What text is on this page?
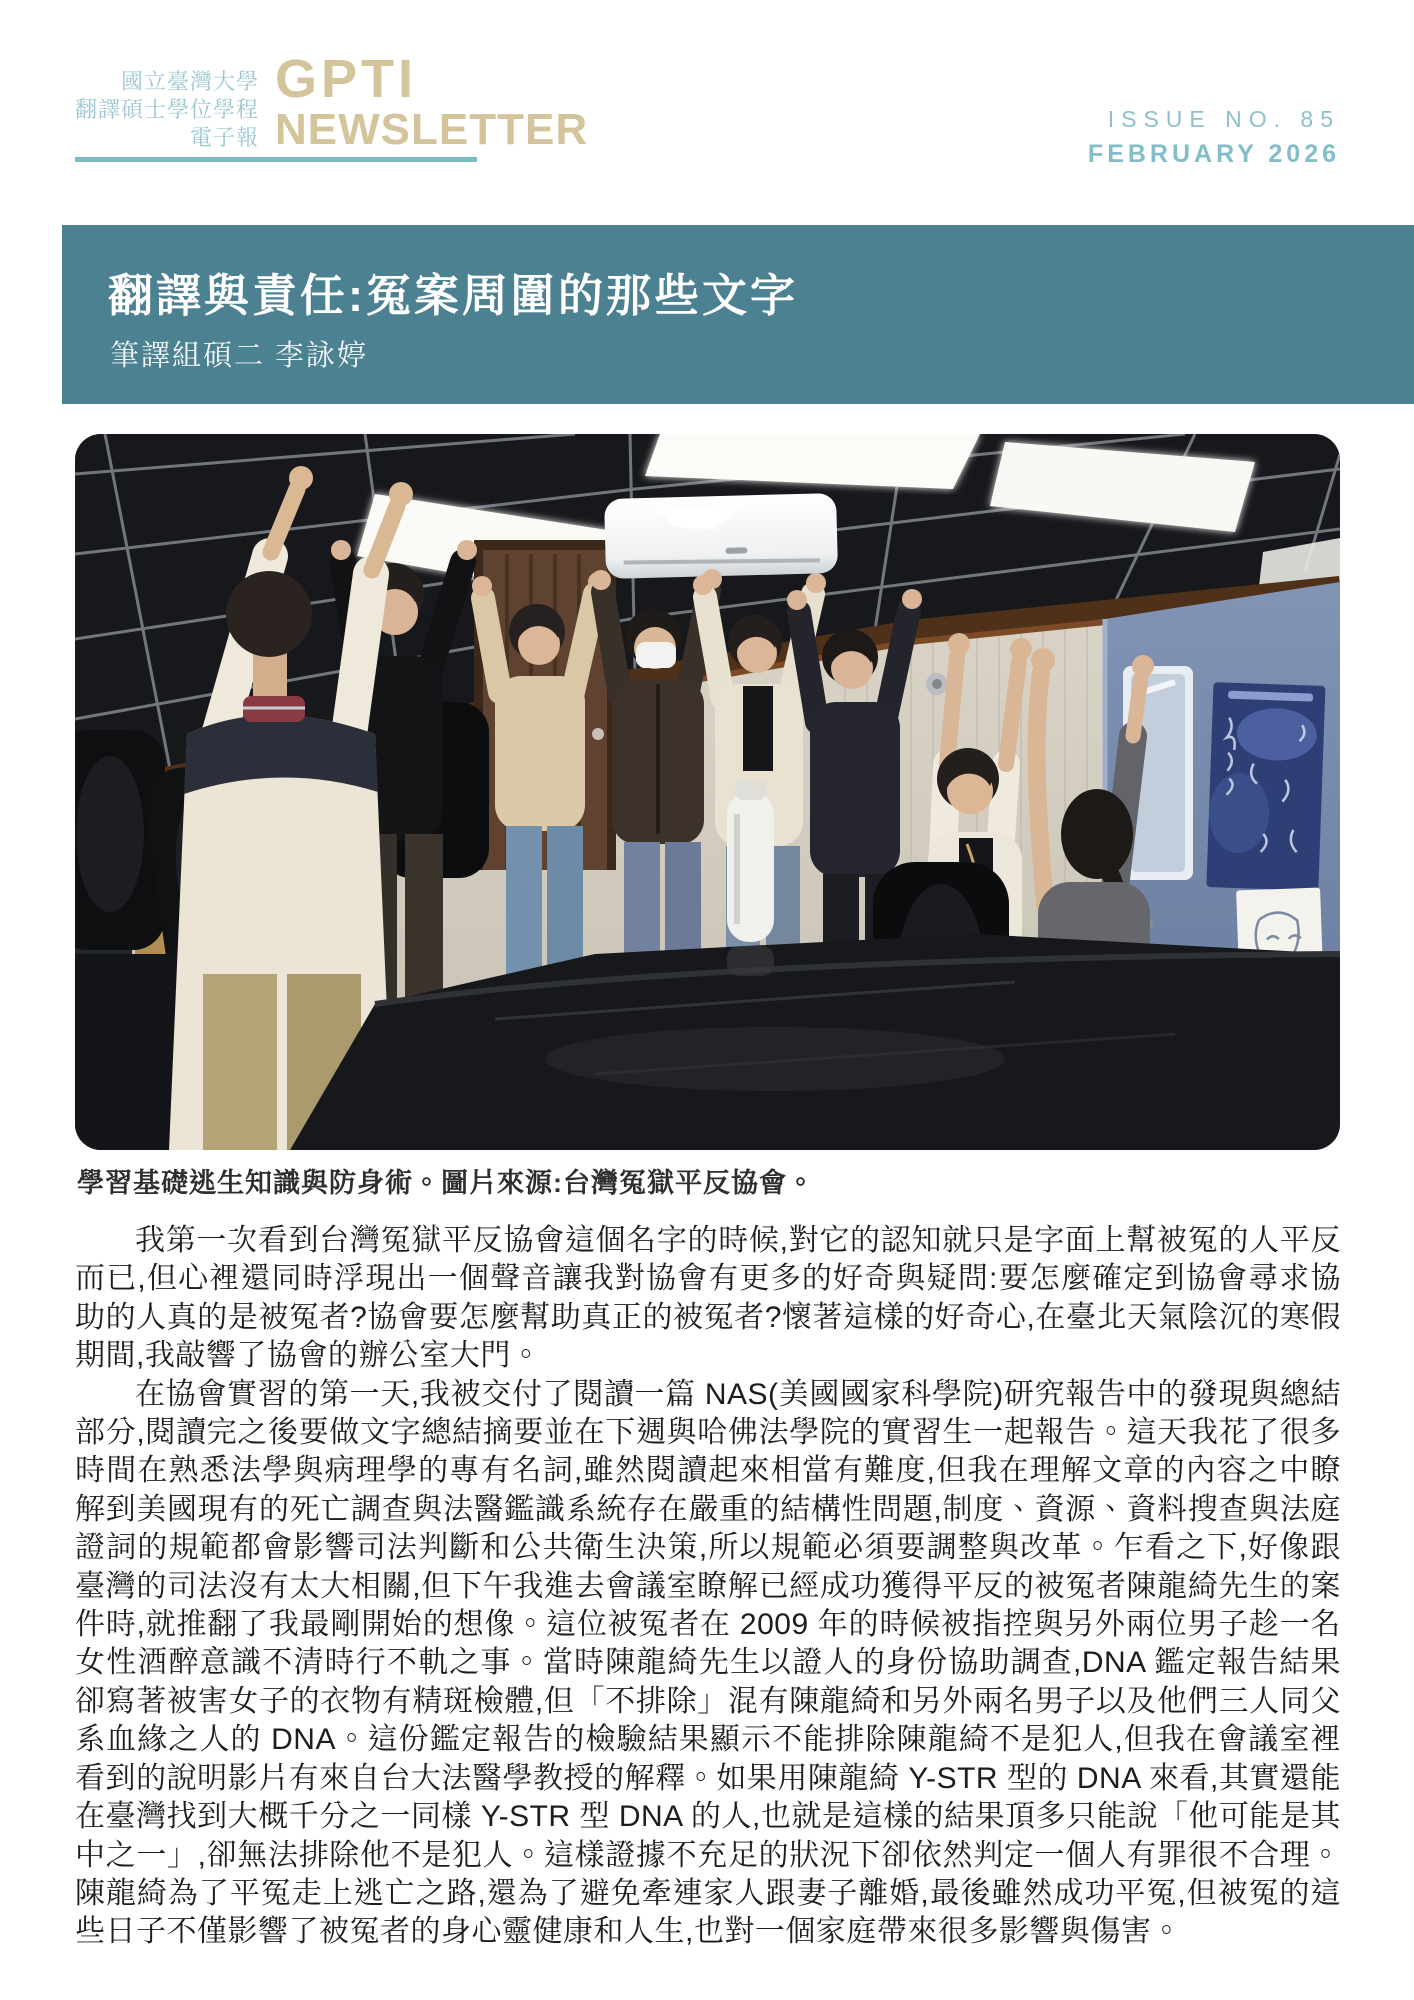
國立臺灣大學
翻譯碩士學位學程
電子報
GPTI
NEWSLETTER	ISSUE NO. 85
FEBRUARY 2026
翻譯與責任:冤案周圍的那些文字
筆譯組碩二 李詠婷
學習基礎逃生知識與防身術。圖片來源:台灣冤獄平反協會。

我第一次看到台灣冤獄平反協會這個名字的時候,對它的認知就只是字面上幫被冤的人平反而已,但心裡還同時浮現出一個聲音讓我對協會有更多的好奇與疑問:要怎麼確定到協會尋求協助的人真的是被冤者?協會要怎麼幫助真正的被冤者?懷著這樣的好奇心,在臺北天氣陰沉的寒假期間,我敲響了協會的辦公室大門。

在協會實習的第一天,我被交付了閱讀一篇 NAS(美國國家科學院)研究報告中的發現與總結部分,閱讀完之後要做文字總結摘要並在下週與哈佛法學院的實習生一起報告。這天我花了很多時間在熟悉法學與病理學的專有名詞,雖然閱讀起來相當有難度,但我在理解文章的內容之中瞭解到美國現有的死亡調查與法醫鑑識系統存在嚴重的結構性問題,制度、資源、資料搜查與法庭證詞的規範都會影響司法判斷和公共衛生決策,所以規範必須要調整與改革。乍看之下,好像跟臺灣的司法沒有太大相關,但下午我進去會議室瞭解已經成功獲得平反的被冤者陳龍綺先生的案件時,就推翻了我最剛開始的想像。這位被冤者在 2009 年的時候被指控與另外兩位男子趁一名女性酒醉意識不清時行不軌之事。當時陳龍綺先生以證人的身份協助調查,DNA 鑑定報告結果卻寫著被害女子的衣物有精斑檢體,但「不排除」混有陳龍綺和另外兩名男子以及他們三人同父系血緣之人的 DNA。這份鑑定報告的檢驗結果顯示不能排除陳龍綺不是犯人,但我在會議室裡看到的說明影片有來自台大法醫學教授的解釋。如果用陳龍綺 Y-STR 型的 DNA 來看,其實還能在臺灣找到大概千分之一同樣 Y-STR 型 DNA 的人,也就是這樣的結果頂多只能說「他可能是其中之一」,卻無法排除他不是犯人。這樣證據不充足的狀況下卻依然判定一個人有罪很不合理。陳龍綺為了平冤走上逃亡之路,還為了避免牽連家人跟妻子離婚,最後雖然成功平冤,但被冤的這些日子不僅影響了被冤者的身心靈健康和人生,也對一個家庭帶來很多影響與傷害。
